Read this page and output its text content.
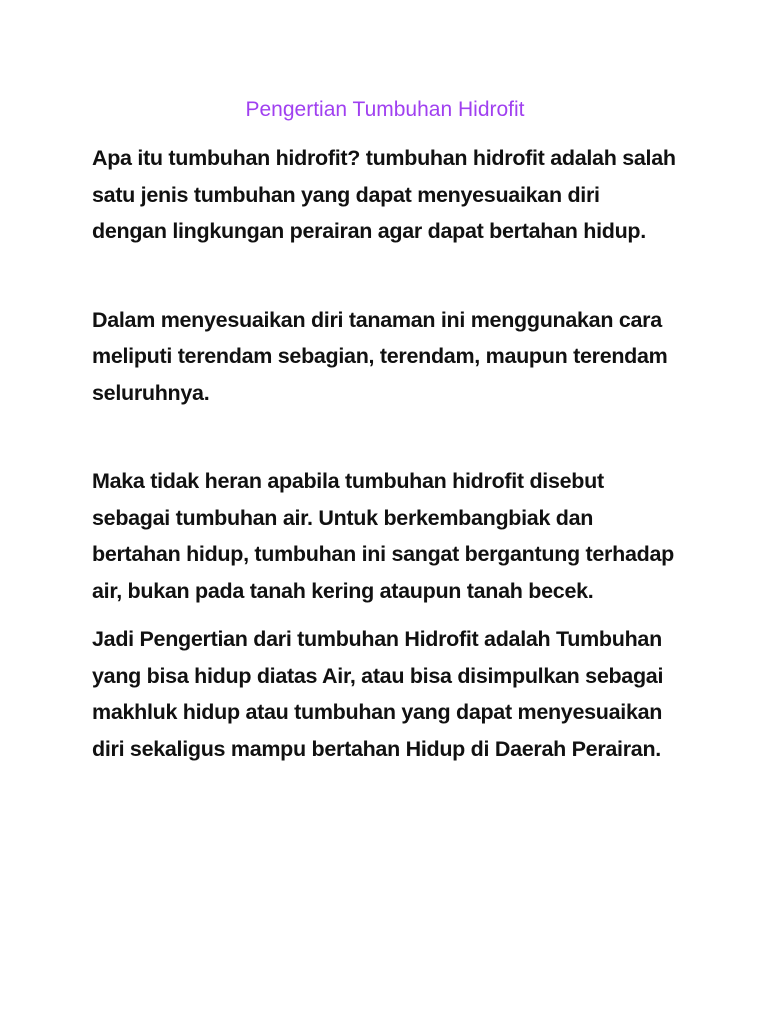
Pengertian Tumbuhan Hidrofit

Apa itu tumbuhan hidrofit? tumbuhan hidrofit adalah salah satu jenis tumbuhan yang dapat menyesuaikan diri dengan lingkungan perairan agar dapat bertahan hidup.

Dalam menyesuaikan diri tanaman ini menggunakan cara meliputi terendam sebagian, terendam, maupun terendam seluruhnya.

Maka tidak heran apabila tumbuhan hidrofit disebut sebagai tumbuhan air. Untuk berkembangbiak dan bertahan hidup, tumbuhan ini sangat bergantung terhadap air, bukan pada tanah kering ataupun tanah becek.

Jadi Pengertian dari tumbuhan Hidrofit adalah Tumbuhan yang bisa hidup diatas Air, atau bisa disimpulkan sebagai makhluk hidup atau tumbuhan yang dapat menyesuaikan diri sekaligus mampu bertahan Hidup di Daerah Perairan.
